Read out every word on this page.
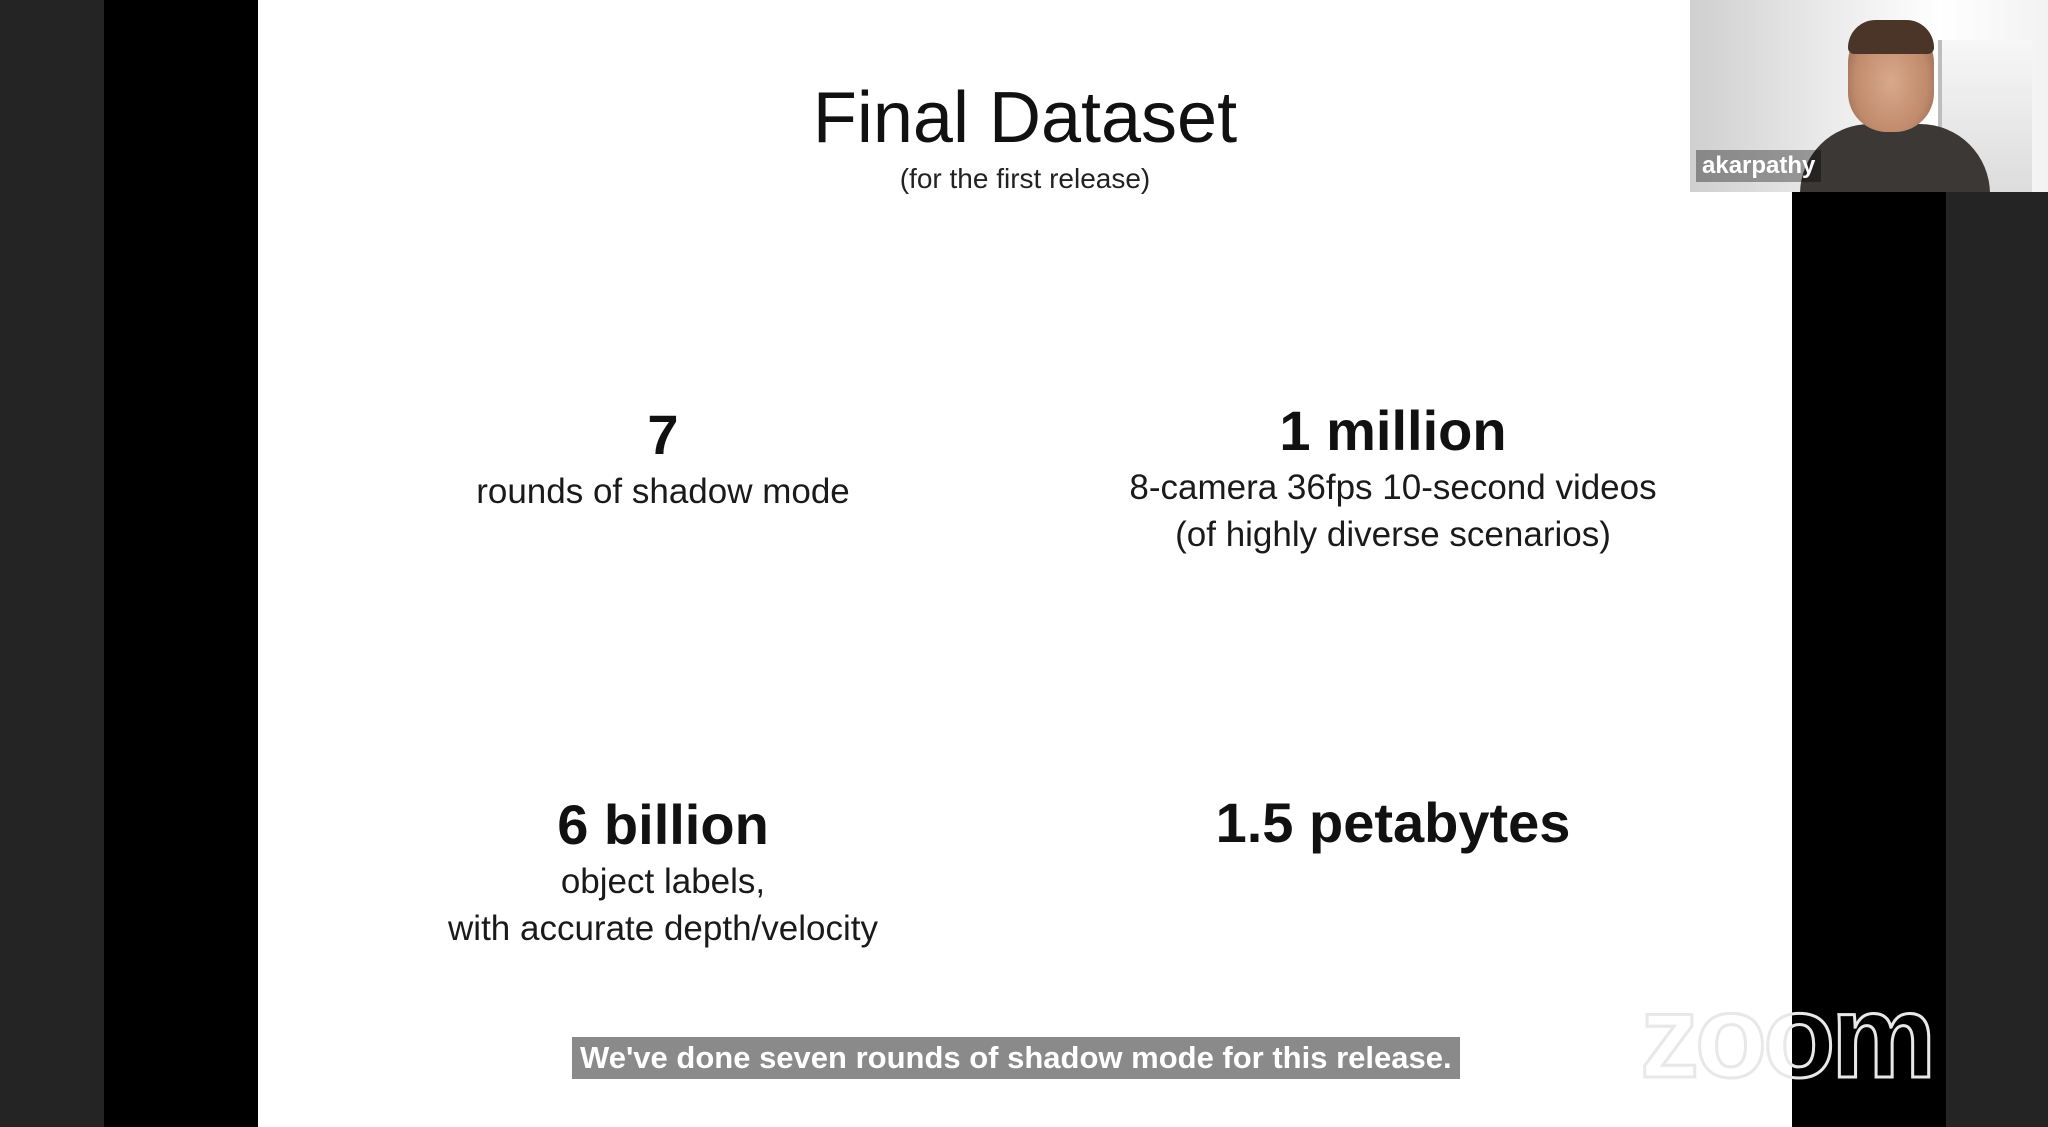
Final Dataset
(for the first release)
7
rounds of shadow mode
1 million
8-camera 36fps 10-second videos
(of highly diverse scenarios)
6 billion
object labels,
with accurate depth/velocity
1.5 petabytes
We've done seven rounds of shadow mode for this release. zoom
akarpathy
